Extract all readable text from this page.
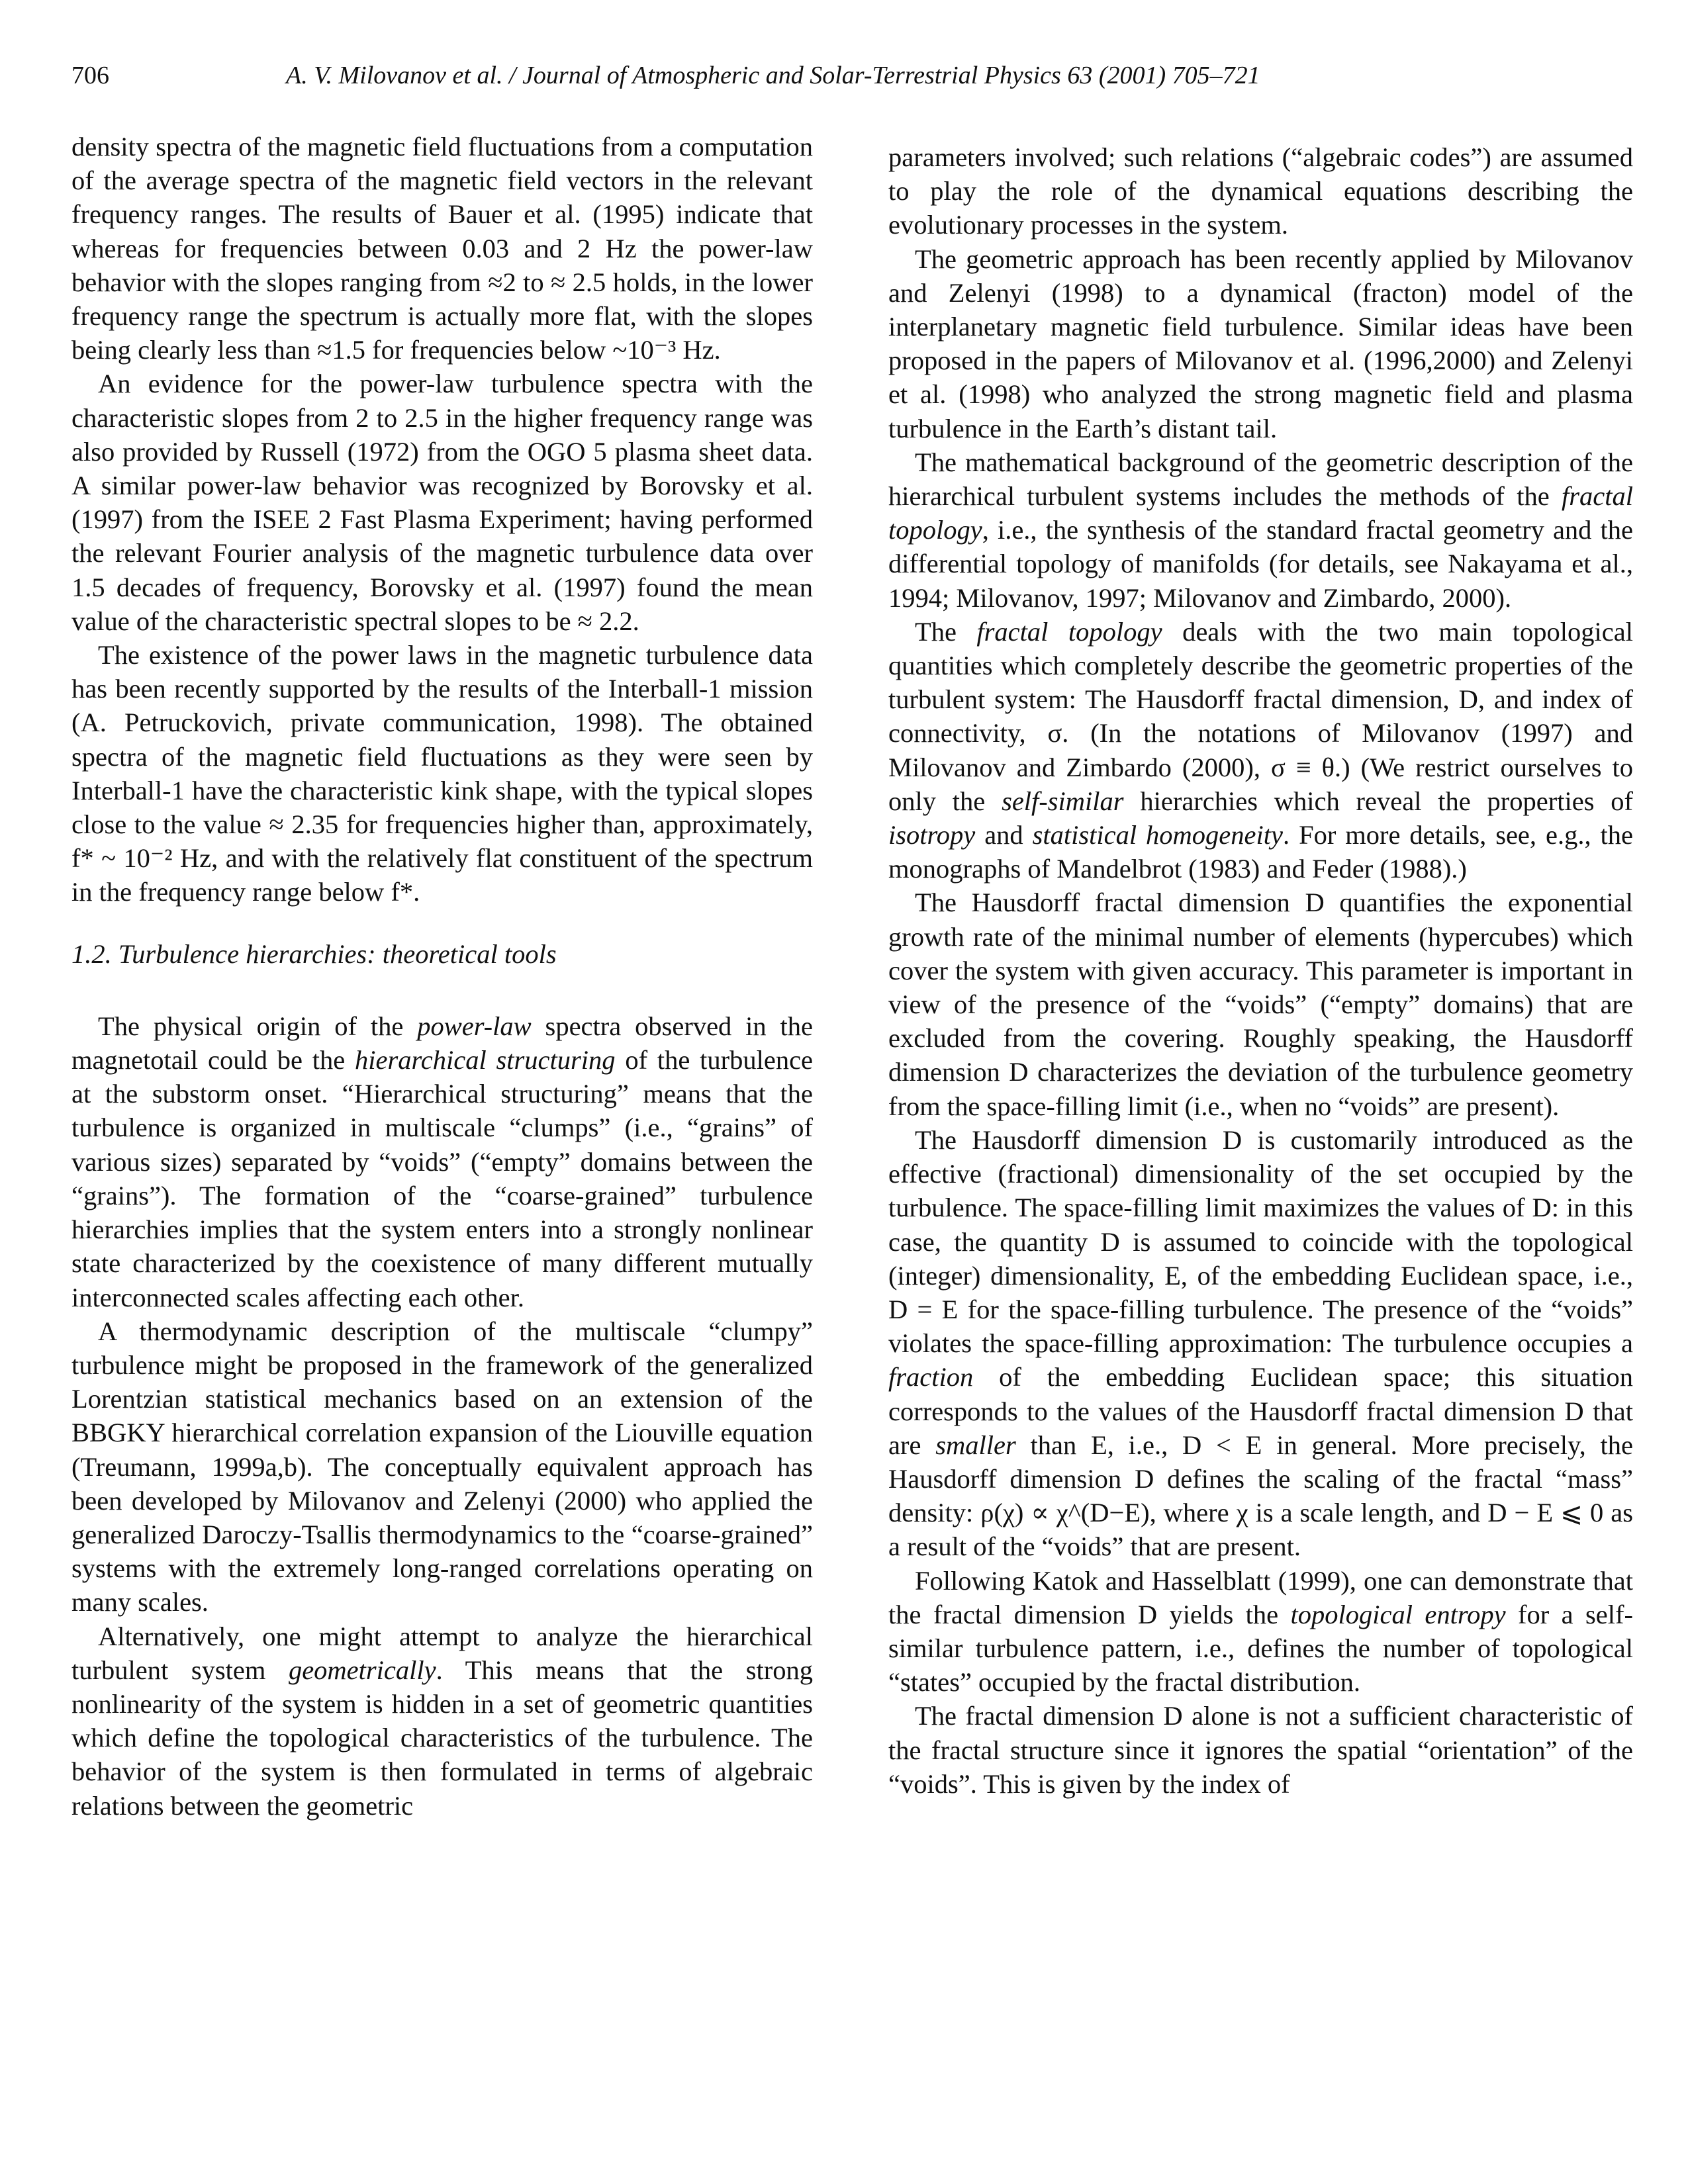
706	A. V. Milovanov et al. / Journal of Atmospheric and Solar-Terrestrial Physics 63 (2001) 705–721

density spectra of the magnetic field fluctuations from a computation of the average spectra of the magnetic field vectors in the relevant frequency ranges. The results of Bauer et al. (1995) indicate that whereas for frequencies between 0.03 and 2 Hz the power-law behavior with the slopes ranging from ≈2 to ≈ 2.5 holds, in the lower frequency range the spectrum is actually more flat, with the slopes being clearly less than ≈1.5 for frequencies below ~10⁻³ Hz.

An evidence for the power-law turbulence spectra with the characteristic slopes from 2 to 2.5 in the higher frequency range was also provided by Russell (1972) from the OGO 5 plasma sheet data. A similar power-law behavior was recognized by Borovsky et al. (1997) from the ISEE 2 Fast Plasma Experiment; having performed the relevant Fourier analysis of the magnetic turbulence data over 1.5 decades of frequency, Borovsky et al. (1997) found the mean value of the characteristic spectral slopes to be ≈ 2.2.

The existence of the power laws in the magnetic turbulence data has been recently supported by the results of the Interball-1 mission (A. Petruckovich, private communication, 1998). The obtained spectra of the magnetic field fluctuations as they were seen by Interball-1 have the characteristic kink shape, with the typical slopes close to the value ≈ 2.35 for frequencies higher than, approximately, f* ~ 10⁻² Hz, and with the relatively flat constituent of the spectrum in the frequency range below f*.

1.2. Turbulence hierarchies: theoretical tools

The physical origin of the power-law spectra observed in the magnetotail could be the hierarchical structuring of the turbulence at the substorm onset. “Hierarchical structuring” means that the turbulence is organized in multiscale “clumps” (i.e., “grains” of various sizes) separated by “voids” (“empty” domains between the “grains”). The formation of the “coarse-grained” turbulence hierarchies implies that the system enters into a strongly nonlinear state characterized by the coexistence of many different mutually interconnected scales affecting each other.

A thermodynamic description of the multiscale “clumpy” turbulence might be proposed in the framework of the generalized Lorentzian statistical mechanics based on an extension of the BBGKY hierarchical correlation expansion of the Liouville equation (Treumann, 1999a,b). The conceptually equivalent approach has been developed by Milovanov and Zelenyi (2000) who applied the generalized Daroczy-Tsallis thermodynamics to the “coarse-grained” systems with the extremely long-ranged correlations operating on many scales.

Alternatively, one might attempt to analyze the hierarchical turbulent system geometrically. This means that the strong nonlinearity of the system is hidden in a set of geometric quantities which define the topological characteristics of the turbulence. The behavior of the system is then formulated in terms of algebraic relations between the geometric

parameters involved; such relations (“algebraic codes”) are assumed to play the role of the dynamical equations describing the evolutionary processes in the system.

The geometric approach has been recently applied by Milovanov and Zelenyi (1998) to a dynamical (fracton) model of the interplanetary magnetic field turbulence. Similar ideas have been proposed in the papers of Milovanov et al. (1996,2000) and Zelenyi et al. (1998) who analyzed the strong magnetic field and plasma turbulence in the Earth’s distant tail.

The mathematical background of the geometric description of the hierarchical turbulent systems includes the methods of the fractal topology, i.e., the synthesis of the standard fractal geometry and the differential topology of manifolds (for details, see Nakayama et al., 1994; Milovanov, 1997; Milovanov and Zimbardo, 2000).

The fractal topology deals with the two main topological quantities which completely describe the geometric properties of the turbulent system: The Hausdorff fractal dimension, D, and index of connectivity, σ. (In the notations of Milovanov (1997) and Milovanov and Zimbardo (2000), σ ≡ θ.) (We restrict ourselves to only the self-similar hierarchies which reveal the properties of isotropy and statistical homogeneity. For more details, see, e.g., the monographs of Mandelbrot (1983) and Feder (1988).)

The Hausdorff fractal dimension D quantifies the exponential growth rate of the minimal number of elements (hypercubes) which cover the system with given accuracy. This parameter is important in view of the presence of the “voids” (“empty” domains) that are excluded from the covering. Roughly speaking, the Hausdorff dimension D characterizes the deviation of the turbulence geometry from the space-filling limit (i.e., when no “voids” are present).

The Hausdorff dimension D is customarily introduced as the effective (fractional) dimensionality of the set occupied by the turbulence. The space-filling limit maximizes the values of D: in this case, the quantity D is assumed to coincide with the topological (integer) dimensionality, E, of the embedding Euclidean space, i.e., D = E for the space-filling turbulence. The presence of the “voids” violates the space-filling approximation: The turbulence occupies a fraction of the embedding Euclidean space; this situation corresponds to the values of the Hausdorff fractal dimension D that are smaller than E, i.e., D < E in general. More precisely, the Hausdorff dimension D defines the scaling of the fractal “mass” density: ρ(χ) ∝ χ^(D−E), where χ is a scale length, and D − E ⩽ 0 as a result of the “voids” that are present.

Following Katok and Hasselblatt (1999), one can demonstrate that the fractal dimension D yields the topological entropy for a self-similar turbulence pattern, i.e., defines the number of topological “states” occupied by the fractal distribution.

The fractal dimension D alone is not a sufficient characteristic of the fractal structure since it ignores the spatial “orientation” of the “voids”. This is given by the index of
